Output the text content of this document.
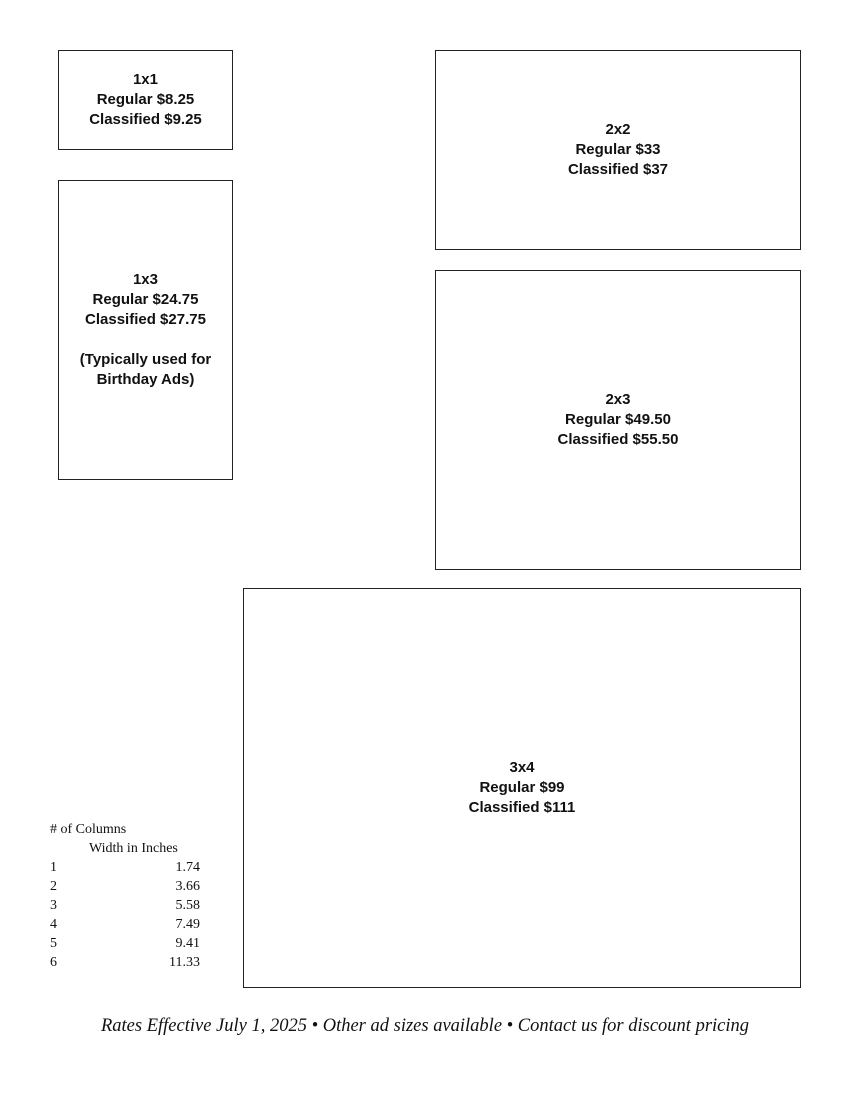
1x1
Regular $8.25
Classified $9.25
1x3
Regular $24.75
Classified $27.75
(Typically used for
Birthday Ads)
2x2
Regular $33
Classified $37
2x3
Regular $49.50
Classified $55.50
3x4
Regular $99
Classified $111
# of Columns
Width in Inches
1	1.74
2	3.66
3	5.58
4	7.49
5	9.41
6	11.33
Rates Effective July 1, 2025 • Other ad sizes available • Contact us for discount pricing
